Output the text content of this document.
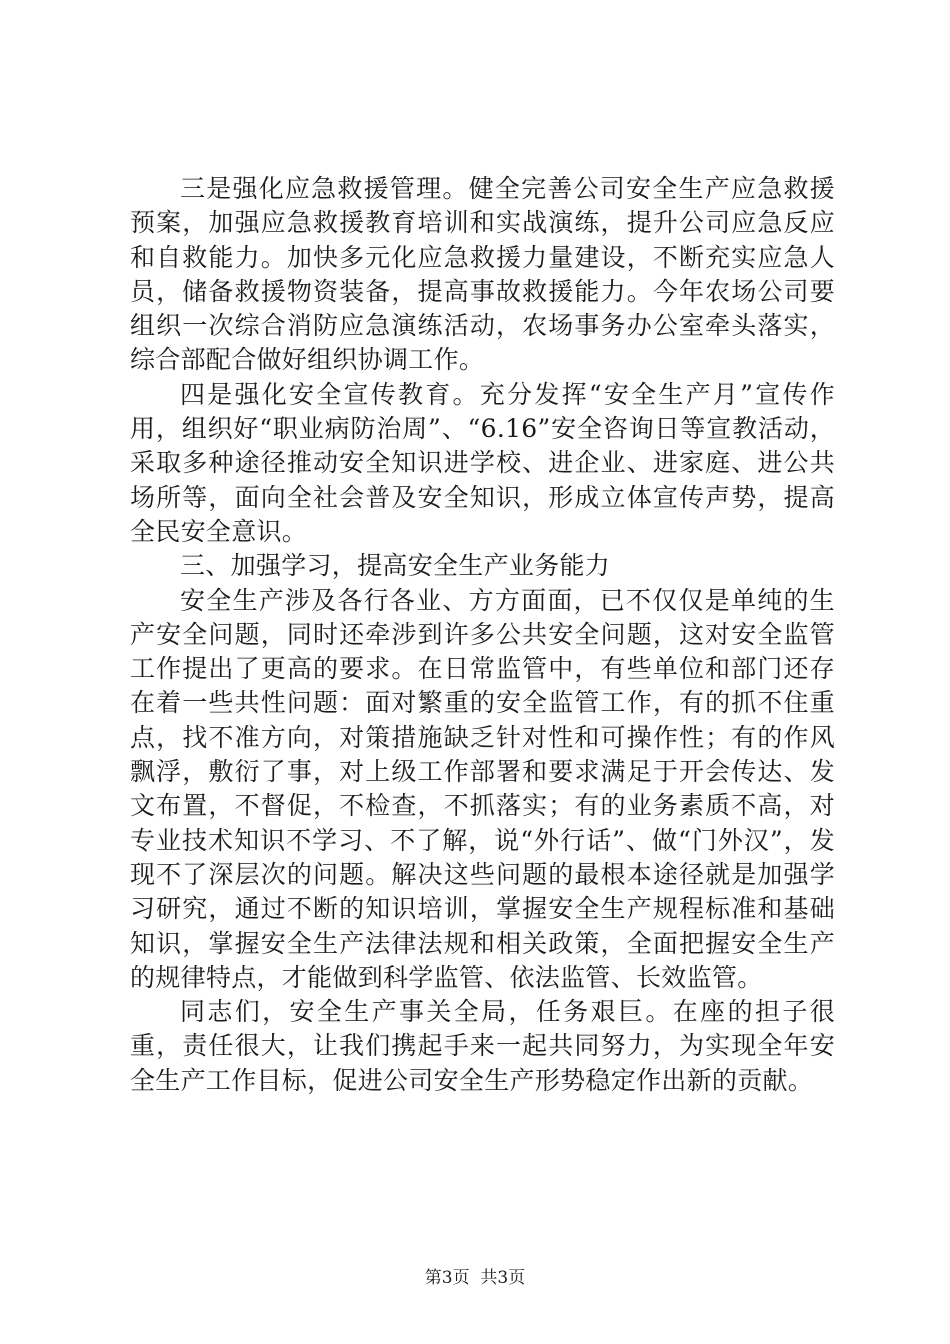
三是强化应急救援管理。健全完善公司安全生产应急救援预案，加强应急救援教育培训和实战演练，提升公司应急反应和自救能力。加快多元化应急救援力量建设，不断充实应急人员，储备救援物资装备，提高事故救援能力。今年农场公司要组织一次综合消防应急演练活动，农场事务办公室牵头落实，综合部配合做好组织协调工作。

四是强化安全宣传教育。充分发挥“安全生产月”宣传作用，组织好“职业病防治周”、“6.16”安全咨询日等宣教活动，采取多种途径推动安全知识进学校、进企业、进家庭、进公共场所等，面向全社会普及安全知识，形成立体宣传声势，提高全民安全意识。

三、加强学习，提高安全生产业务能力

安全生产涉及各行各业、方方面面，已不仅仅是单纯的生产安全问题，同时还牵涉到许多公共安全问题，这对安全监管工作提出了更高的要求。在日常监管中，有些单位和部门还存在着一些共性问题：面对繁重的安全监管工作，有的抓不住重点，找不准方向，对策措施缺乏针对性和可操作性；有的作风飘浮，敷衍了事，对上级工作部署和要求满足于开会传达、发文布置，不督促，不检查，不抓落实；有的业务素质不高，对专业技术知识不学习、不了解，说“外行话”、做“门外汉”，发现不了深层次的问题。解决这些问题的最根本途径就是加强学习研究，通过不断的知识培训，掌握安全生产规程标准和基础知识，掌握安全生产法律法规和相关政策，全面把握安全生产的规律特点，才能做到科学监管、依法监管、长效监管。

同志们，安全生产事关全局，任务艰巨。在座的担子很重，责任很大，让我们携起手来一起共同努力，为实现全年安全生产工作目标，促进公司安全生产形势稳定作出新的贡献。

第3页  共3页
